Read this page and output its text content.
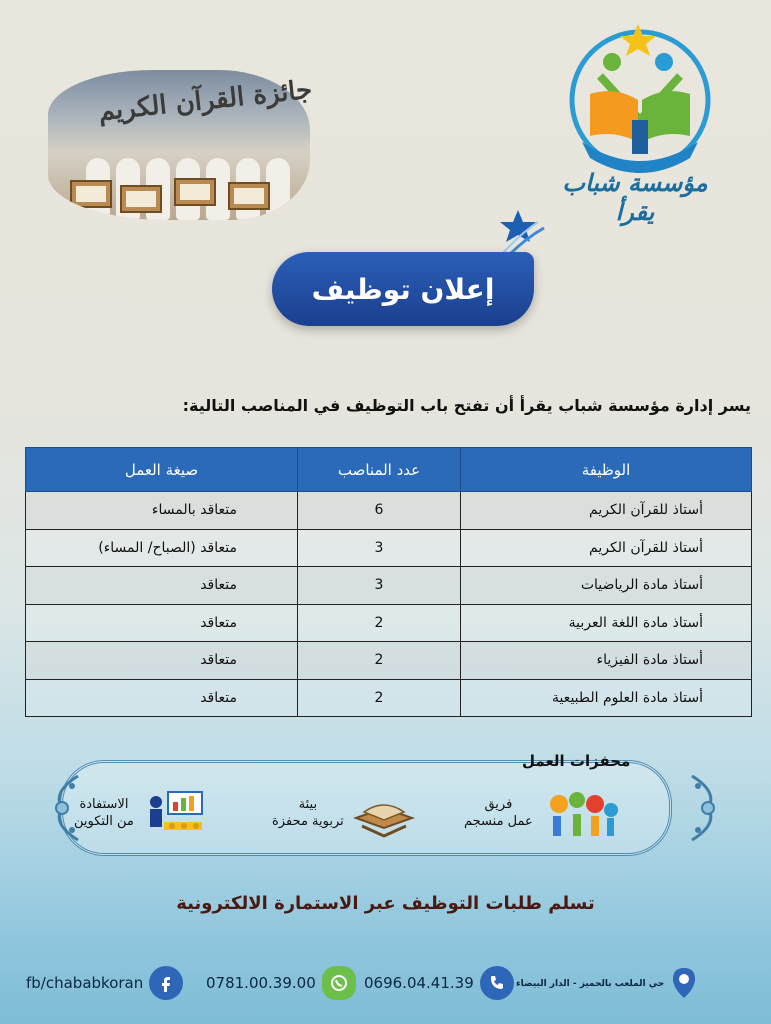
جائزة القرآن الكريم
مؤسسة شباب يقرأ
إعلان توظيف
يسر إدارة مؤسسة شباب يقرأ أن تفتح باب التوظيف في المناصب التالية:
الوظيفة	عدد المناصب	صيغة العمل
أستاذ للقرآن الكريم	6	متعاقد بالمساء
أستاذ للقرآن الكريم	3	متعاقد (الصباح/ المساء)
أستاذ مادة الرياضيات	3	متعاقد
أستاذ مادة اللغة العربية	2	متعاقد
أستاذ مادة الفيزياء	2	متعاقد
أستاذ مادة العلوم الطبيعية	2	متعاقد
محفزات العمل
فريق
عمل منسجم
بيئة
تربوية محفزة
الاستفادة
من التكوين
تسلم طلبات التوظيف عبر الاستمارة الالكترونية
fb/chababkoran	0781.00.39.00	0696.04.41.39	حي الملعب بالحميز - الدار البيضاء
